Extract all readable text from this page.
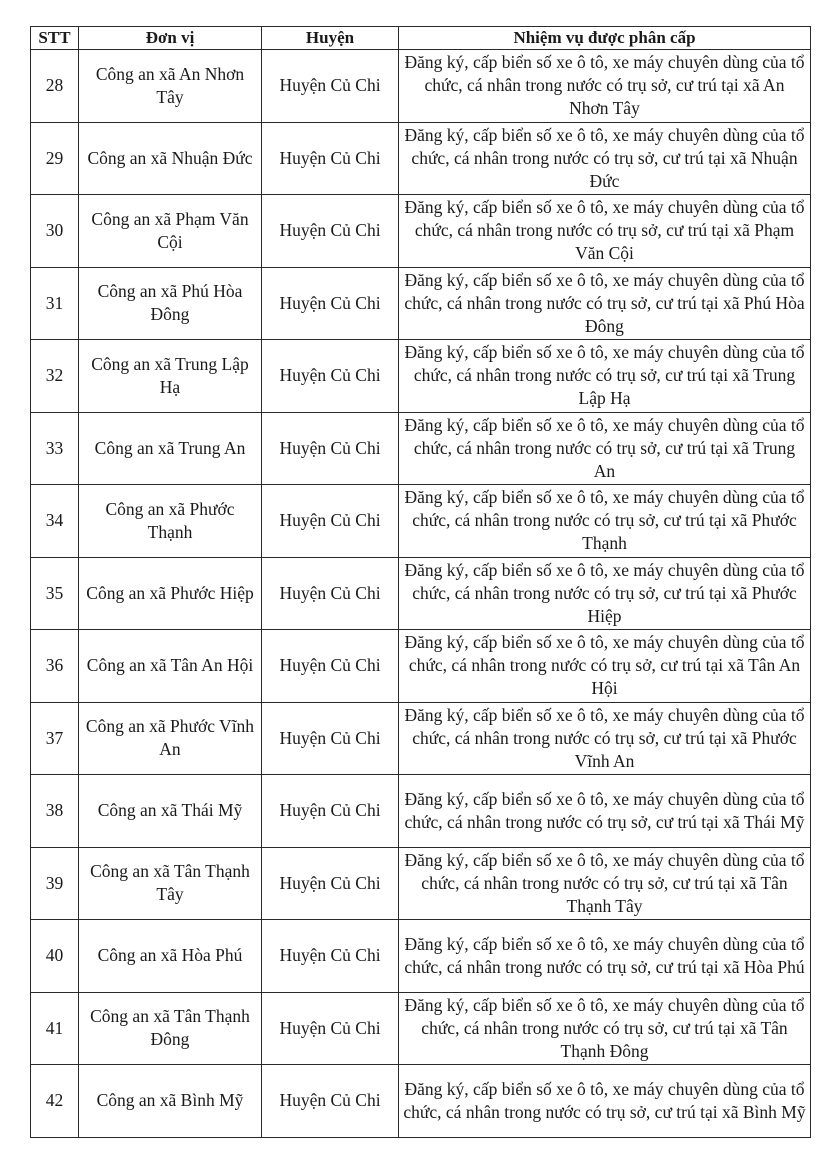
STT	Đơn vị	Huyện	Nhiệm vụ được phân cấp
28	Công an xã An Nhơn Tây	Huyện Củ Chi	Đăng ký, cấp biển số xe ô tô, xe máy chuyên dùng của tổ chức, cá nhân trong nước có trụ sở, cư trú tại xã An Nhơn Tây
29	Công an xã Nhuận Đức	Huyện Củ Chi	Đăng ký, cấp biển số xe ô tô, xe máy chuyên dùng của tổ chức, cá nhân trong nước có trụ sở, cư trú tại xã Nhuận Đức
30	Công an xã Phạm Văn Cội	Huyện Củ Chi	Đăng ký, cấp biển số xe ô tô, xe máy chuyên dùng của tổ chức, cá nhân trong nước có trụ sở, cư trú tại xã Phạm Văn Cội
31	Công an xã Phú Hòa Đông	Huyện Củ Chi	Đăng ký, cấp biển số xe ô tô, xe máy chuyên dùng của tổ chức, cá nhân trong nước có trụ sở, cư trú tại xã Phú Hòa Đông
32	Công an xã Trung Lập Hạ	Huyện Củ Chi	Đăng ký, cấp biển số xe ô tô, xe máy chuyên dùng của tổ chức, cá nhân trong nước có trụ sở, cư trú tại xã Trung Lập Hạ
33	Công an xã Trung An	Huyện Củ Chi	Đăng ký, cấp biển số xe ô tô, xe máy chuyên dùng của tổ chức, cá nhân trong nước có trụ sở, cư trú tại xã Trung An
34	Công an xã Phước Thạnh	Huyện Củ Chi	Đăng ký, cấp biển số xe ô tô, xe máy chuyên dùng của tổ chức, cá nhân trong nước có trụ sở, cư trú tại xã Phước Thạnh
35	Công an xã Phước Hiệp	Huyện Củ Chi	Đăng ký, cấp biển số xe ô tô, xe máy chuyên dùng của tổ chức, cá nhân trong nước có trụ sở, cư trú tại xã Phước Hiệp
36	Công an xã Tân An Hội	Huyện Củ Chi	Đăng ký, cấp biển số xe ô tô, xe máy chuyên dùng của tổ chức, cá nhân trong nước có trụ sở, cư trú tại xã Tân An Hội
37	Công an xã Phước Vĩnh An	Huyện Củ Chi	Đăng ký, cấp biển số xe ô tô, xe máy chuyên dùng của tổ chức, cá nhân trong nước có trụ sở, cư trú tại xã Phước Vĩnh An
38	Công an xã Thái Mỹ	Huyện Củ Chi	Đăng ký, cấp biển số xe ô tô, xe máy chuyên dùng của tổ chức, cá nhân trong nước có trụ sở, cư trú tại xã Thái Mỹ
39	Công an xã Tân Thạnh Tây	Huyện Củ Chi	Đăng ký, cấp biển số xe ô tô, xe máy chuyên dùng của tổ chức, cá nhân trong nước có trụ sở, cư trú tại xã Tân Thạnh Tây
40	Công an xã Hòa Phú	Huyện Củ Chi	Đăng ký, cấp biển số xe ô tô, xe máy chuyên dùng của tổ chức, cá nhân trong nước có trụ sở, cư trú tại xã Hòa Phú
41	Công an xã Tân Thạnh Đông	Huyện Củ Chi	Đăng ký, cấp biển số xe ô tô, xe máy chuyên dùng của tổ chức, cá nhân trong nước có trụ sở, cư trú tại xã Tân Thạnh Đông
42	Công an xã Bình Mỹ	Huyện Củ Chi	Đăng ký, cấp biển số xe ô tô, xe máy chuyên dùng của tổ chức, cá nhân trong nước có trụ sở, cư trú tại xã Bình Mỹ
